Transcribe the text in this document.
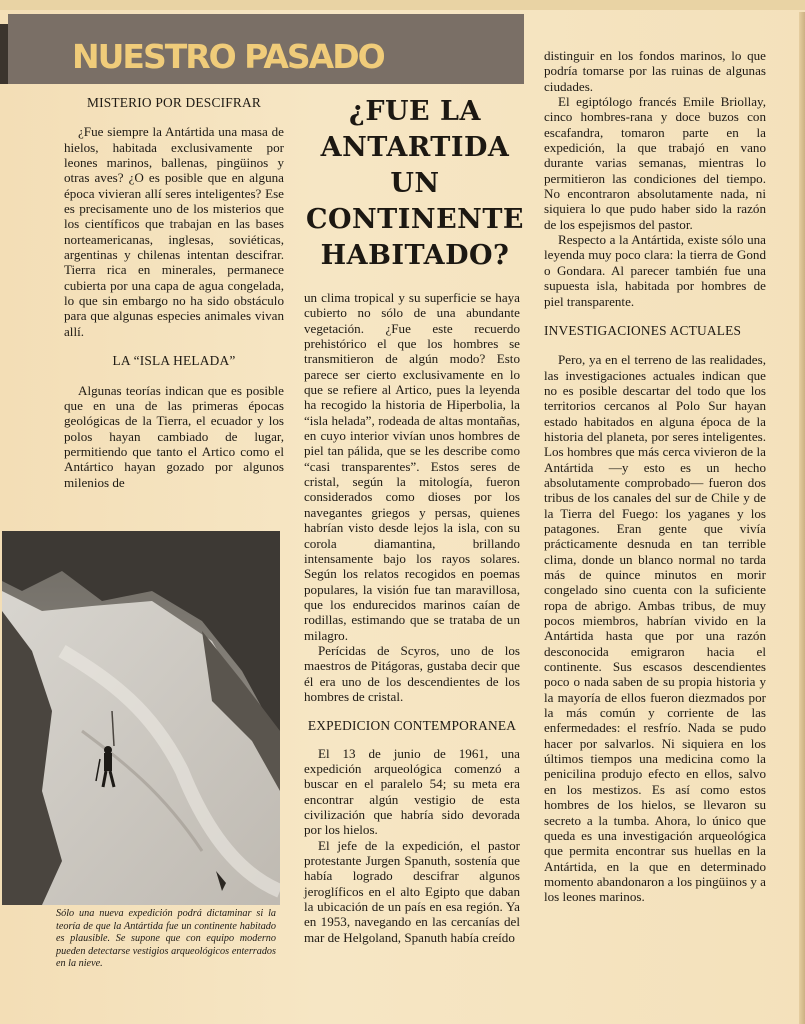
NUESTRO PASADO
MISTERIO POR DESCIFRAR

¿Fue siempre la Antártida una masa de hielos, habitada exclusivamente por leones marinos, ballenas, pingüinos y otras aves? ¿O es posible que en alguna época vivieran allí seres inteligentes? Ese es precisamente uno de los misterios que los científicos que trabajan en las bases norteamericanas, inglesas, soviéticas, argentinas y chilenas intentan descifrar. Tierra rica en minerales, permanece cubierta por una capa de agua congelada, lo que sin embargo no ha sido obstáculo para que algunas especies animales vivan allí.

LA “ISLA HELADA”

Algunas teorías indican que es posible que en una de las primeras épocas geológicas de la Tierra, el ecuador y los polos hayan cambiado de lugar, permitiendo que tanto el Artico como el Antártico hayan gozado por algunos milenios de

¿FUE LA ANTARTIDA UN CONTINENTE HABITADO?

un clima tropical y su superficie se haya cubierto no sólo de una abundante vegetación. ¿Fue este recuerdo prehistórico el que los hombres se transmitieron de algún modo? Esto parece ser cierto exclusivamente en lo que se refiere al Artico, pues la leyenda ha recogido la historia de Hiperbolia, la “isla helada”, rodeada de altas montañas, en cuyo interior vivían unos hombres de piel tan pálida, que se les describe como “casi transparentes”. Estos seres de cristal, según la mitología, fueron considerados como dioses por los navegantes griegos y persas, quienes habrían visto desde lejos la isla, con su corola diamantina, brillando intensamente bajo los rayos solares. Según los relatos recogidos en poemas populares, la visión fue tan maravillosa, que los endurecidos marinos caían de rodillas, estimando que se trataba de un milagro.

Perícidas de Scyros, uno de los maestros de Pitágoras, gustaba decir que él era uno de los descendientes de los hombres de cristal.

EXPEDICION CONTEMPORANEA

El 13 de junio de 1961, una expedición arqueológica comenzó a buscar en el paralelo 54; su meta era encontrar algún vestigio de esta civilización que habría sido devorada por los hielos.

El jefe de la expedición, el pastor protestante Jurgen Spanuth, sostenía que había logrado descifrar algunos jeroglíficos en el alto Egipto que daban la ubicación de un país en esa región. Ya en 1953, navegando en las cercanías del mar de Helgoland, Spanuth había creído

distinguir en los fondos marinos, lo que podría tomarse por las ruinas de algunas ciudades.

El egiptólogo francés Emile Briollay, cinco hombres-rana y doce buzos con escafandra, tomaron parte en la expedición, la que trabajó en vano durante varias semanas, mientras lo permitieron las condiciones del tiempo. No encontraron absolutamente nada, ni siquiera lo que pudo haber sido la razón de los espejismos del pastor.

Respecto a la Antártida, existe sólo una leyenda muy poco clara: la tierra de Gond o Gondara. Al parecer también fue una supuesta isla, habitada por hombres de piel transparente.

INVESTIGACIONES ACTUALES

Pero, ya en el terreno de las realidades, las investigaciones actuales indican que no es posible descartar del todo que los territorios cercanos al Polo Sur hayan estado habitados en alguna época de la historia del planeta, por seres inteligentes. Los hombres que más cerca vivieron de la Antártida —y esto es un hecho absolutamente comprobado— fueron dos tribus de los canales del sur de Chile y de la Tierra del Fuego: los yaganes y los patagones. Eran gente que vivía prácticamente desnuda en tan terrible clima, donde un blanco normal no tarda más de quince minutos en morir congelado sino cuenta con la suficiente ropa de abrigo. Ambas tribus, de muy pocos miembros, habrían vivido en la Antártida hasta que por una razón desconocida emigraron hacia el continente. Sus escasos descendientes poco o nada saben de su propia historia y la mayoría de ellos fueron diezmados por la más común y corriente de las enfermedades: el resfrío. Nada se pudo hacer por salvarlos. Ni siquiera en los últimos tiempos una medicina como la penicilina produjo efecto en ellos, salvo en los mestizos. Es así como estos hombres de los hielos, se llevaron su secreto a la tumba. Ahora, lo único que queda es una investigación arqueológica que permita encontrar sus huellas en la Antártida, en la que en determinado momento abandonaron a los pingüinos y a los leones marinos.

Sólo una nueva expedición podrá dictaminar si la teoría de que la Antártida fue un continente habitado es plausible. Se supone que con equipo moderno pueden detectarse vestigios arqueológicos enterrados en la nieve.
